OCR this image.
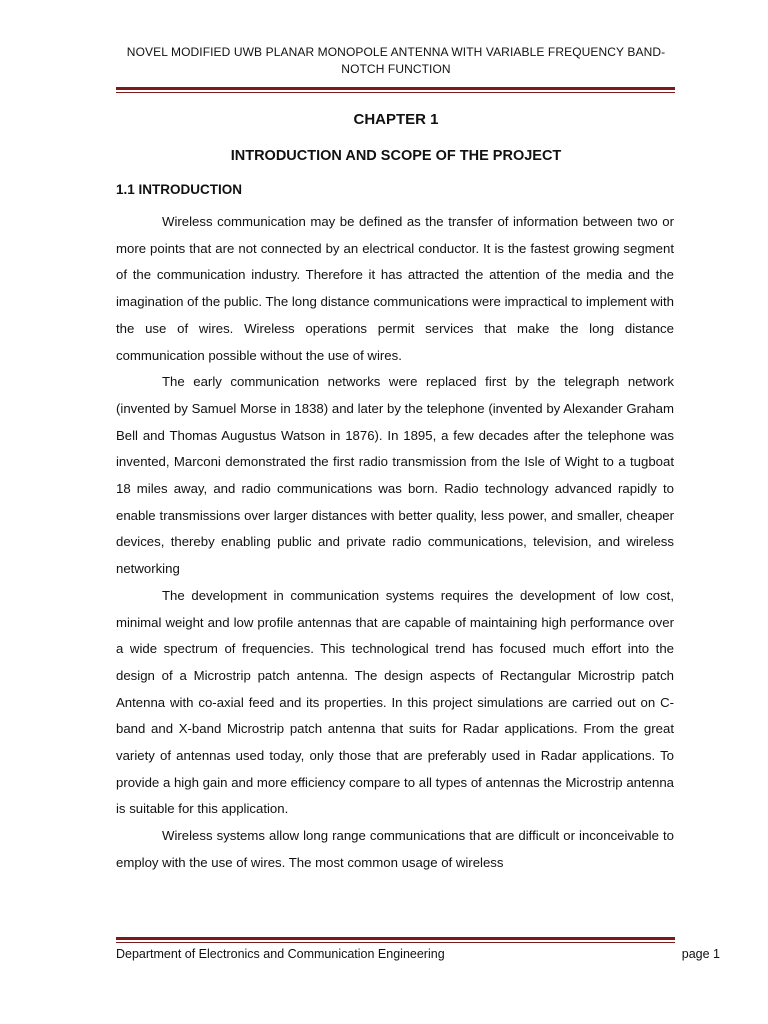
NOVEL MODIFIED UWB PLANAR MONOPOLE ANTENNA WITH VARIABLE FREQUENCY BAND-NOTCH FUNCTION
CHAPTER 1
INTRODUCTION AND SCOPE OF THE PROJECT
1.1 INTRODUCTION

Wireless communication may be defined as the transfer of information between two or more points that are not connected by an electrical conductor. It is the fastest growing segment of the communication industry. Therefore it has attracted the attention of the media and the imagination of the public. The long distance communications were impractical to implement with the use of wires. Wireless operations permit services that make the long distance communication possible without the use of wires.

The early communication networks were replaced first by the telegraph network (invented by Samuel Morse in 1838) and later by the telephone (invented by Alexander Graham Bell and Thomas Augustus Watson in 1876). In 1895, a few decades after the telephone was invented, Marconi demonstrated the first radio transmission from the Isle of Wight to a tugboat 18 miles away, and radio communications was born. Radio technology advanced rapidly to enable transmissions over larger distances with better quality, less power, and smaller, cheaper devices, thereby enabling public and private radio communications, television, and wireless networking

The development in communication systems requires the development of low cost, minimal weight and low profile antennas that are capable of maintaining high performance over a wide spectrum of frequencies. This technological trend has focused much effort into the design of a Microstrip patch antenna. The design aspects of Rectangular Microstrip patch Antenna with co-axial feed and its properties. In this project simulations are carried out on C- band and X-band Microstrip patch antenna that suits for Radar applications. From the great variety of antennas used today, only those that are preferably used in Radar applications. To provide a high gain and more efficiency compare to all types of antennas the Microstrip antenna is suitable for this application.

Wireless systems allow long range communications that are difficult or inconceivable to employ with the use of wires. The most common usage of wireless

Department of Electronics and Communication Engineering	page 1
